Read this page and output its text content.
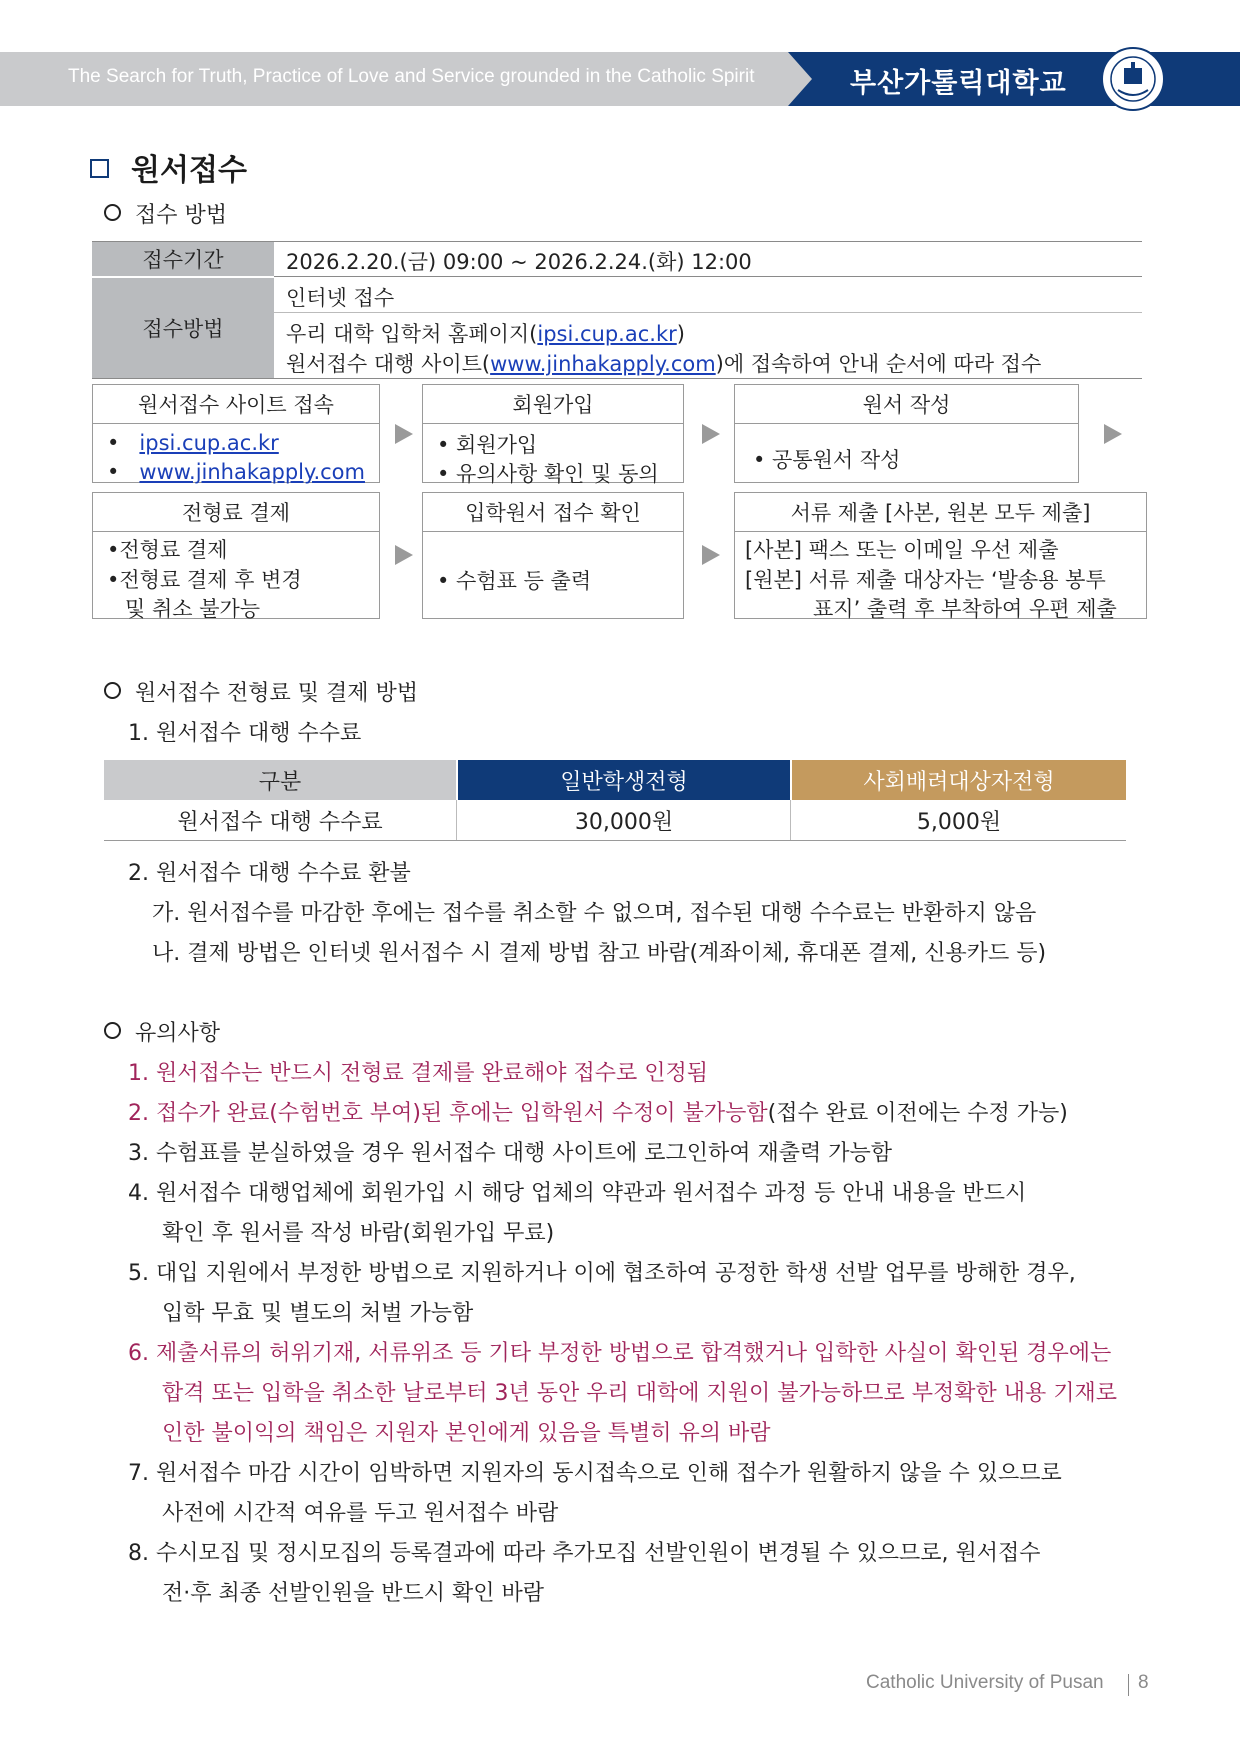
The Search for Truth, Practice of Love and Service grounded in the Catholic Spirit	부산가톨릭대학교
원서접수
접수 방법
접수기간	2026.2.20.(금) 09:00 ~ 2026.2.24.(화) 12:00
접수방법
인터넷 접수
우리 대학 입학처 홈페이지(ipsi.cup.ac.kr)
원서접수 대행 사이트(www.jinhakapply.com)에 접속하여 안내 순서에 따라 접수
원서접수 사이트 접속
•   ipsi.cup.ac.kr
•   www.jinhakapply.com
회원가입
• 회원가입
• 유의사항 확인 및 동의
원서 작성
• 공통원서 작성
전형료 결제
•전형료 결제
•전형료 결제 후 변경
및 취소 불가능
입학원서 접수 확인
• 수험표 등 출력
서류 제출 [사본, 원본 모두 제출]
[사본] 팩스 또는 이메일 우선 제출
[원본] 서류 제출 대상자는 ‘발송용 봉투
표지’ 출력 후 부착하여 우편 제출
원서접수 전형료 및 결제 방법
1. 원서접수 대행 수수료
구분	일반학생전형	사회배려대상자전형
원서접수 대행 수수료	30,000원	5,000원
2. 원서접수 대행 수수료 환불
가. 원서접수를 마감한 후에는 접수를 취소할 수 없으며, 접수된 대행 수수료는 반환하지 않음
나. 결제 방법은 인터넷 원서접수 시 결제 방법 참고 바람(계좌이체, 휴대폰 결제, 신용카드 등)
유의사항
1. 원서접수는 반드시 전형료 결제를 완료해야 접수로 인정됨
2. 접수가 완료(수험번호 부여)된 후에는 입학원서 수정이 불가능함(접수 완료 이전에는 수정 가능)
3. 수험표를 분실하였을 경우 원서접수 대행 사이트에 로그인하여 재출력 가능함
4. 원서접수 대행업체에 회원가입 시 해당 업체의 약관과 원서접수 과정 등 안내 내용을 반드시
확인 후 원서를 작성 바람(회원가입 무료)
5. 대입 지원에서 부정한 방법으로 지원하거나 이에 협조하여 공정한 학생 선발 업무를 방해한 경우,
입학 무효 및 별도의 처벌 가능함
6. 제출서류의 허위기재, 서류위조 등 기타 부정한 방법으로 합격했거나 입학한 사실이 확인된 경우에는
합격 또는 입학을 취소한 날로부터 3년 동안 우리 대학에 지원이 불가능하므로 부정확한 내용 기재로
인한 불이익의 책임은 지원자 본인에게 있음을 특별히 유의 바람
7. 원서접수 마감 시간이 임박하면 지원자의 동시접속으로 인해 접수가 원활하지 않을 수 있으므로
사전에 시간적 여유를 두고 원서접수 바람
8. 수시모집 및 정시모집의 등록결과에 따라 추가모집 선발인원이 변경될 수 있으므로, 원서접수
전·후 최종 선발인원을 반드시 확인 바람
Catholic University of Pusan 8
